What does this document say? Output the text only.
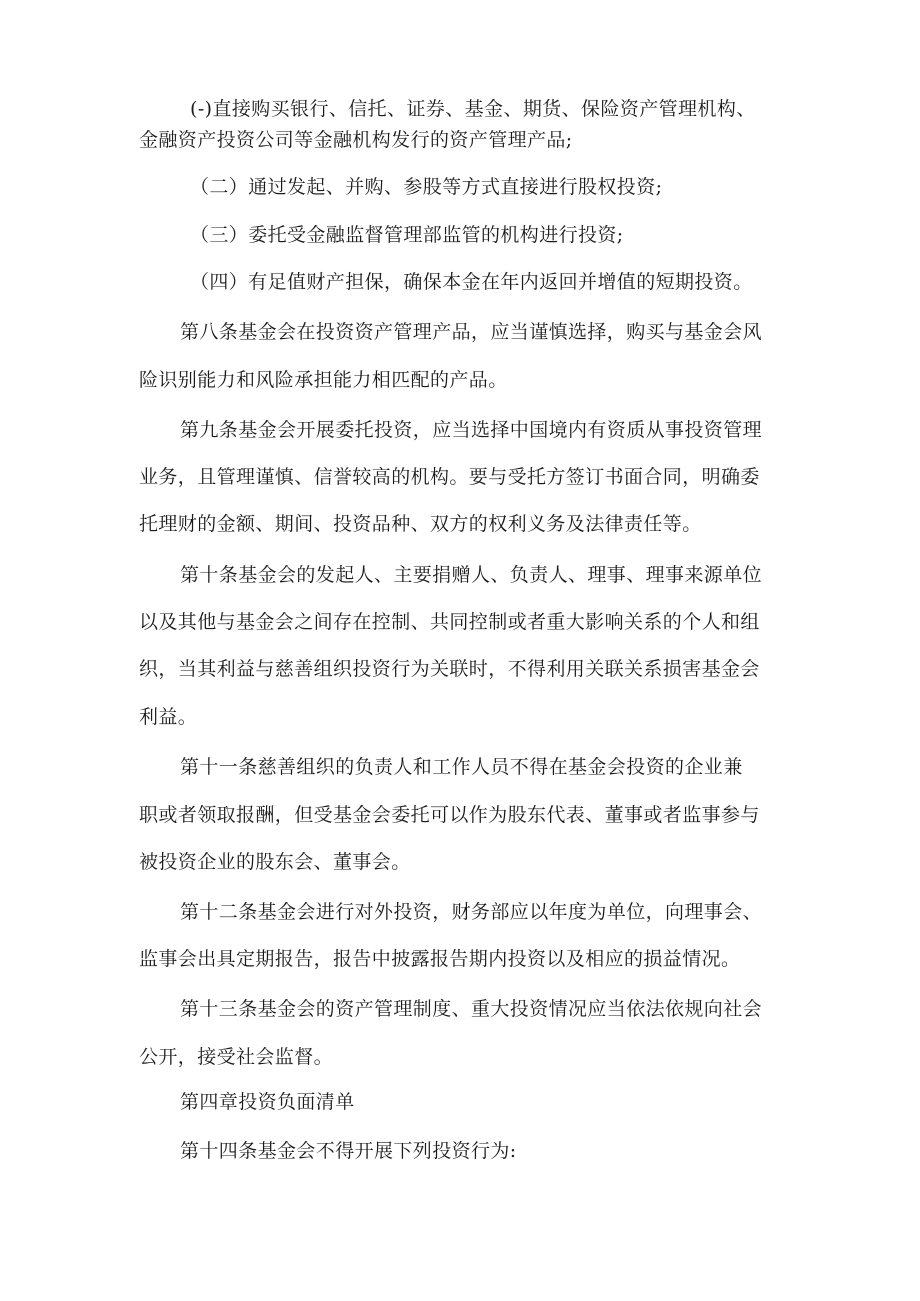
(-)直接购买银行、信托、证券、基金、期货、保险资产管理机构、
金融资产投资公司等金融机构发行的资产管理产品;
（二）通过发起、并购、参股等方式直接进行股权投资;
（三）委托受金融监督管理部监管的机构进行投资;
（四）有足值财产担保，确保本金在年内返回并增值的短期投资。
第八条基金会在投资资产管理产品，应当谨慎选择，购买与基金会风
险识别能力和风险承担能力相匹配的产品。
第九条基金会开展委托投资，应当选择中国境内有资质从事投资管理
业务，且管理谨慎、信誉较高的机构。要与受托方签订书面合同，明确委
托理财的金额、期间、投资品种、双方的权利义务及法律责任等。
第十条基金会的发起人、主要捐赠人、负责人、理事、理事来源单位
以及其他与基金会之间存在控制、共同控制或者重大影响关系的个人和组
织，当其利益与慈善组织投资行为关联时，不得利用关联关系损害基金会
利益。
第十一条慈善组织的负责人和工作人员不得在基金会投资的企业兼
职或者领取报酬，但受基金会委托可以作为股东代表、董事或者监事参与
被投资企业的股东会、董事会。
第十二条基金会进行对外投资，财务部应以年度为单位，向理事会、
监事会出具定期报告，报告中披露报告期内投资以及相应的损益情况。
第十三条基金会的资产管理制度、重大投资情况应当依法依规向社会
公开，接受社会监督。
第四章投资负面清单
第十四条基金会不得开展下列投资行为:
